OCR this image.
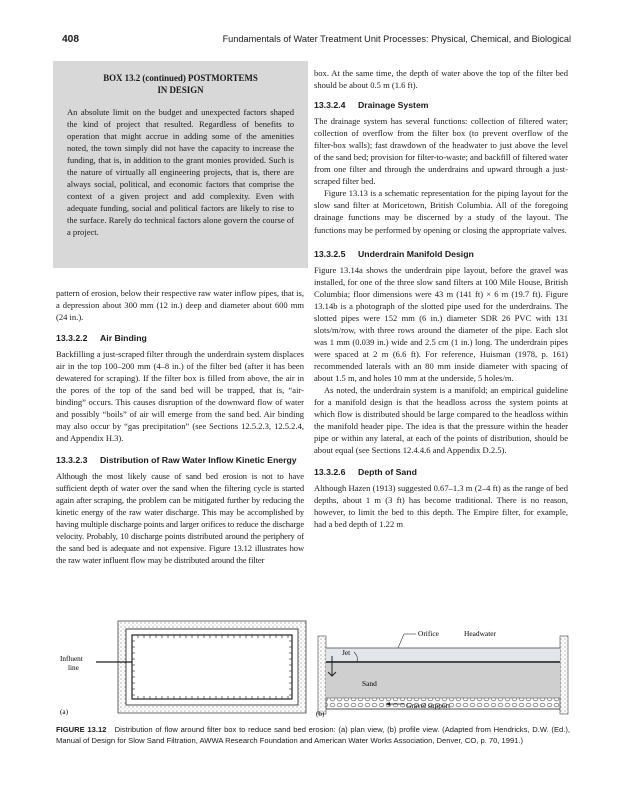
408	Fundamentals of Water Treatment Unit Processes: Physical, Chemical, and Biological
BOX 13.2 (continued) POSTMORTEMS
IN DESIGN
An absolute limit on the budget and unexpected factors shaped the kind of project that resulted. Regardless of benefits to operation that might accrue in adding some of the amenities noted, the town simply did not have the capacity to increase the funding, that is, in addition to the grant monies provided. Such is the nature of virtually all engineering projects, that is, there are always social, political, and economic factors that comprise the context of a given project and add complexity. Even with adequate funding, social and political factors are likely to rise to the surface. Rarely do technical factors alone govern the course of a project.

pattern of erosion, below their respective raw water inflow pipes, that is, a depression about 300 mm (12 in.) deep and diameter about 600 mm (24 in.).

13.3.2.2 Air Binding

Backfilling a just-scraped filter through the underdrain system displaces air in the top 100–200 mm (4–8 in.) of the filter bed (after it has been dewatered for scraping). If the filter box is filled from above, the air in the pores of the top of the sand bed will be trapped, that is, “air-binding” occurs. This causes disruption of the downward flow of water and possibly “boils” of air will emerge from the sand bed. Air binding may also occur by “gas precipitation” (see Sections 12.5.2.3, 12.5.2.4, and Appendix H.3).

13.3.2.3	Distribution of Raw Water Inflow Kinetic Energy

Although the most likely cause of sand bed erosion is not to have sufficient depth of water over the sand when the filtering cycle is started again after scraping, the problem can be mitigated further by reducing the kinetic energy of the raw water discharge. This may be accomplished by having multiple discharge points and larger orifices to reduce the discharge velocity. Probably, 10 discharge points distributed around the periphery of the sand bed is adequate and not expensive. Figure 13.12 illustrates how the raw water influent flow may be distributed around the filter

box. At the same time, the depth of water above the top of the filter bed should be about 0.5 m (1.6 ft).

13.3.2.4 Drainage System

The drainage system has several functions: collection of filtered water; collection of overflow from the filter box (to prevent overflow of the filter-box walls); fast drawdown of the headwater to just above the level of the sand bed; provision for filter-to-waste; and backfill of filtered water from one filter and through the underdrains and upward through a just-scraped filter bed.

Figure 13.13 is a schematic representation for the piping layout for the slow sand filter at Moricetown, British Columbia. All of the foregoing drainage functions may be discerned by a study of the layout. The functions may be performed by opening or closing the appropriate valves.

13.3.2.5 Underdrain Manifold Design

Figure 13.14a shows the underdrain pipe layout, before the gravel was installed, for one of the three slow sand filters at 100 Mile House, British Columbia; floor dimensions were 43 m (141 ft) × 6 m (19.7 ft). Figure 13.14b is a photograph of the slotted pipe used for the underdrains. The slotted pipes were 152 mm (6 in.) diameter SDR 26 PVC with 131 slots/m/row, with three rows around the diameter of the pipe. Each slot was 1 mm (0.039 in.) wide and 2.5 cm (1 in.) long. The underdrain pipes were spaced at 2 m (6.6 ft). For reference, Huisman (1978, p. 161) recommended laterals with an 80 mm inside diameter with spacing of about 1.5 m, and holes 10 mm at the underside, 5 holes/m.

As noted, the underdrain system is a manifold; an empirical guideline for a manifold design is that the headloss across the system points at which flow is distributed should be large compared to the headloss within the manifold header pipe. The idea is that the pressure within the header pipe or within any lateral, at each of the points of distribution, should be about equal (see Sections 12.4.4.6 and Appendix D.2.5).

13.3.2.6 Depth of Sand

Although Hazen (1913) suggested 0.67–1.3 m (2–4 ft) as the range of bed depths, about 1 m (3 ft) has become traditional. There is no reason, however, to limit the bed to this depth. The Empire filter, for example, had a bed depth of 1.22 m

Influent
line
(a)
Orifice	Headwater
Jet
Sand
Gravel support
(b)
FIGURE 13.12 Distribution of flow around filter box to reduce sand bed erosion: (a) plan view, (b) profile view. (Adapted from Hendricks, D.W. (Ed.), Manual of Design for Slow Sand Filtration, AWWA Research Foundation and American Water Works Association, Denver, CO, p. 70, 1991.)
